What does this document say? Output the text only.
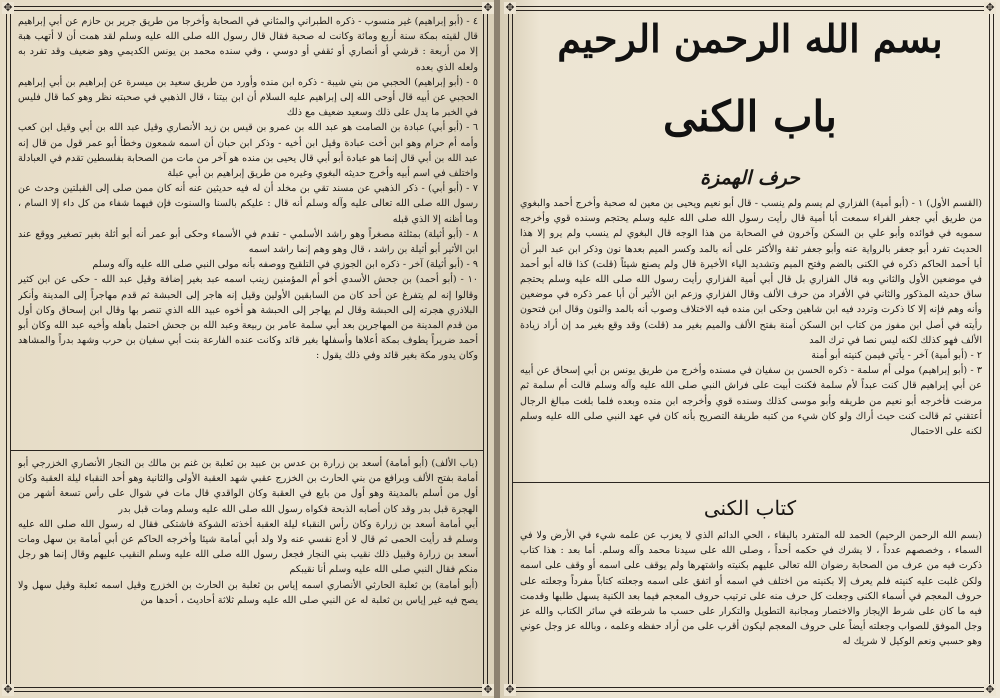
✥	✥
✥	✥

٤ - (أبو إبراهيم) غير منسوب - ذكره الطبراني والمثاني في الصحابة وأخرجا من طريق جرير بن حازم عن أبي إبراهيم قال لقيته بمكة سنة أربع ومائة وكانت له صحبة فقال قال رسول الله صلى الله عليه وسلم لقد همت أن لا أتهب هبة إلا من أربعة : قرشي أو أنصاري أو ثقفي أو دوسي ، وفي سنده محمد بن يونس الكديمي وهو ضعيف وقد تفرد به ولعله الذي بعده

٥ - (أبو إبراهيم) الحجبي من بني شيبة - ذكره ابن منده وأورد من طريق سعيد بن ميسرة عن إبراهيم بن أبي إبراهيم الحجبي عن أبيه قال أوحى الله إلى إبراهيم عليه السلام أن ابن بيتنا ، قال الذهبي في صحبته نظر وهو كما قال فليس في الخبر ما يدل على ذلك وسعيد ضعيف مع ذلك

٦ - (أبو أبي) عبادة بن الصامت هو عبد الله بن عمرو بن قيس بن زيد الأنصاري وقيل عبد الله بن أبي وقيل ابن كعب وأمه أم حرام وهو ابن أخت عبادة وقيل ابن أخيه - وذكر ابن حبان أن اسمه شمعون وخطأ أبو عمر قول من قال إنه عبد الله بن أبي قال إنما هو عبادة أبو أبي قال يحيى بن منده هو آخر من مات من الصحابة بفلسطين تقدم في العبادلة واختلف في اسم أبيه وأخرج حديثه البغوي وغيره من طريق إبراهيم بن أبي عبلة

٧ - (أبو أبي) - ذكر الذهبي عن مسند تقي بن مخلد أن له فيه حديثين عنه أنه كان ممن صلى إلى القبلتين وحدث عن رسول الله صلى الله تعالى عليه وآله وسلم أنه قال : عليكم بالسنا والسنوت فإن فيهما شفاء من كل داء إلا السام ، وما أظنه إلا الذي قبله

٨ - (أبو أثيلة) بمثلثة مصغراً وهو راشد الأسلمي - تقدم في الأسماء وحكى أبو عمر أنه أبو أثلة بغير تصغير ووقع عند ابن الأثير أبو أثيلة بن راشد ، قال وهو وهم إنما راشد اسمه

٩ - (أبو أثيلة) آخر - ذكره ابن الجوزي في التلقيح ووصفه بأنه مولى النبي صلى الله عليه وآله وسلم

١٠ - (أبو أحمد) بن جحش الأسدي أخو أم المؤمنين زينب اسمه عبد بغير إضافة وقيل عبد الله - حكى عن ابن كثير وقالوا إنه لم يتفرغ عن أحد كان من السابقين الأولين وقيل إنه هاجر إلى الحبشة ثم قدم مهاجراً إلى المدينة وأنكر البلاذري هجرته إلى الحبشة وقال لم يهاجر إلى الحبشة هو أخوه عبيد الله الذي تنصر بها وقال ابن إسحاق وكان أول من قدم المدينة من المهاجرين بعد أبي سلمة عامر بن ربيعة وعبد الله بن جحش احتمل بأهله وأخيه عبد الله وكان أبو أحمد ضريراً يطوف بمكة أعلاها وأسفلها بغير قائد وكانت عنده الفارعة بنت أبي سفيان بن حرب وشهد بدراً والمشاهد وكان يدور مكة بغير قائد وفي ذلك يقول :

(باب الألف) (أبو أمامة) أسعد بن زرارة بن عدس بن عبيد بن ثعلبة بن غنم بن مالك بن النجار الأنصاري الخزرجي أبو أمامة بفتح الألف وبرافع من بني الحارث بن الخزرج عقبي شهد العقبة الأولى والثانية وهو أحد النقباء ليلة العقبة وكان أول من أسلم بالمدينة وهو أول من بايع في العقبة وكان الواقدي قال مات في شوال على رأس تسعة أشهر من الهجرة قبل بدر وقد كان أصابه الذبحة فكواه رسول الله صلى الله عليه وسلم ومات قبل بدر

أبي أمامة أسعد بن زرارة وكان رأس النقباء ليلة العقبة أخذته الشوكة فاشتكى فقال له رسول الله صلى الله عليه وسلم قد رأيت الحمى ثم قال لا أدع نفسي عنه ولا ولد أبي أمامة شيئا وأخرجه الحاكم عن أبي أمامة بن سهل ومات أسعد بن زرارة وقبيل ذلك نقيب بني النجار فجعل رسول الله صلى الله عليه وسلم النقيب عليهم وقال إنما هو رجل منكم فقال النبي صلى الله عليه وسلم أنا نقيبكم

(أبو أمامة) بن ثعلبة الحارثي الأنصاري اسمه إياس بن ثعلبة بن الحارث بن الخزرج وقيل اسمه ثعلبة وقيل سهل ولا يصح فيه غير إياس بن ثعلبة له عن النبي صلى الله عليه وسلم ثلاثة أحاديث ، أحدها من

✥	✥
✥	✥
بسم الله الرحمن الرحيم
باب الكنى
حرف الهمزة

(القسم الأول) ١ - (أبو أمية) الفزاري لم يسم ولم ينسب - قال أبو نعيم ويحيى بن معين له صحبة وأخرج أحمد والبغوي من طريق أبي جعفر الفراء سمعت أبا أمية قال رأيت رسول الله صلى الله عليه وسلم يحتجم وسنده قوي وأخرجه سمويه في فوائده وأبو علي بن السكن وآخرون في الصحابة من هذا الوجه قال البغوي لم ينسب ولم يرو إلا هذا الحديث تفرد أبو جعفر بالرواية عنه وأبو جعفر ثقة والأكثر على أنه بالمد وكسر الميم بعدها نون وذكر ابن عبد البر أن أبا أحمد الحاكم ذكره في الكنى بالضم وفتح الميم وتشديد الياء الأخيرة قال ولم يصنع شيئاً (قلت) كذا قاله أبو أحمد في موضعين الأول والثاني وبه قال الفزاري بل قال أبي أمية الفزاري رأيت رسول الله صلى الله عليه وسلم يحتجم ساق حديثه المذكور والثاني في الأفراد من حرف الألف وقال الفزاري وزعم ابن الأثير أن أبا عمر ذكره في موضعين وأنه وهم فإنه إلا كا ذكرت وتردد فيه ابن شاهين وحكى ابن منده فيه الاختلاف وصوب أنه بالمد والنون وقال ابن فتحون رأيته في أصل ابن مفوز من كتاب ابن السكن أمنة بفتح الألف والميم بغير مد (قلت) وقد وقع بغير مد إن أراد زيادة الألف فهو كذلك لكنه ليس نصا في ترك المد

٢ - (أبو أمية) آخر - يأتي فيمن كنيته أبو أمنة

٣ - (أبو إبراهيم) مولى أم سلمة - ذكره الحسن بن سفيان في مسنده وأخرج من طريق يونس بن أبي إسحاق عن أبيه عن أبي إبراهيم قال كنت عبداً لأم سلمة فكنت أبيت على فراش النبي صلى الله عليه وآله وسلم قالت أم سلمة ثم مرضت فأخرجه أبو نعيم من طريقه وأبو موسى كذلك وسنده قوي وأخرجه ابن منده وبعده فلما بلغت مبالغ الرجال أعتقني ثم قالت كنت حيث أراك ولو كان شيء من كتبه طريقة التصريح بأنه كان في عهد النبي صلى الله عليه وسلم لكنه على الاحتمال

كتاب الكنى

(بسم الله الرحمن الرحيم) الحمد لله المتفرد بالبقاء ، الحي الدائم الذي لا يعزب عن علمه شيء في الأرض ولا في السماء ، وخصصهم عدداً ، لا يشرك في حكمه أحداً ، وصلى الله على سيدنا محمد وآله وسلم. أما بعد : هذا كتاب ذكرت فيه من عرف من الصحابة رضوان الله تعالى عليهم بكنيته واشتهرها ولم يوقف على اسمه أو وقف على اسمه ولكن غلبت عليه كنيته فلم يعرف إلا بكنيته من اختلف في اسمه أو اتفق على اسمه وجعلته كتاباً مفرداً وجعلته على حروف المعجم في أسماء الكنى وجعلت كل حرف منه على ترتيب حروف المعجم فيما بعد الكنية يسهل طلبها وقدمت فيه ما كان على شرط الإيجاز والاختصار ومجانبة التطويل والتكرار على حسب ما شرطته في سائر الكتاب والله عز وجل الموفق للصواب وجعلته أيضاً على حروف المعجم ليكون أقرب على من أراد حفظه وعلمه ، وبالله عز وجل عوني وهو حسبي ونعم الوكيل لا شريك له
